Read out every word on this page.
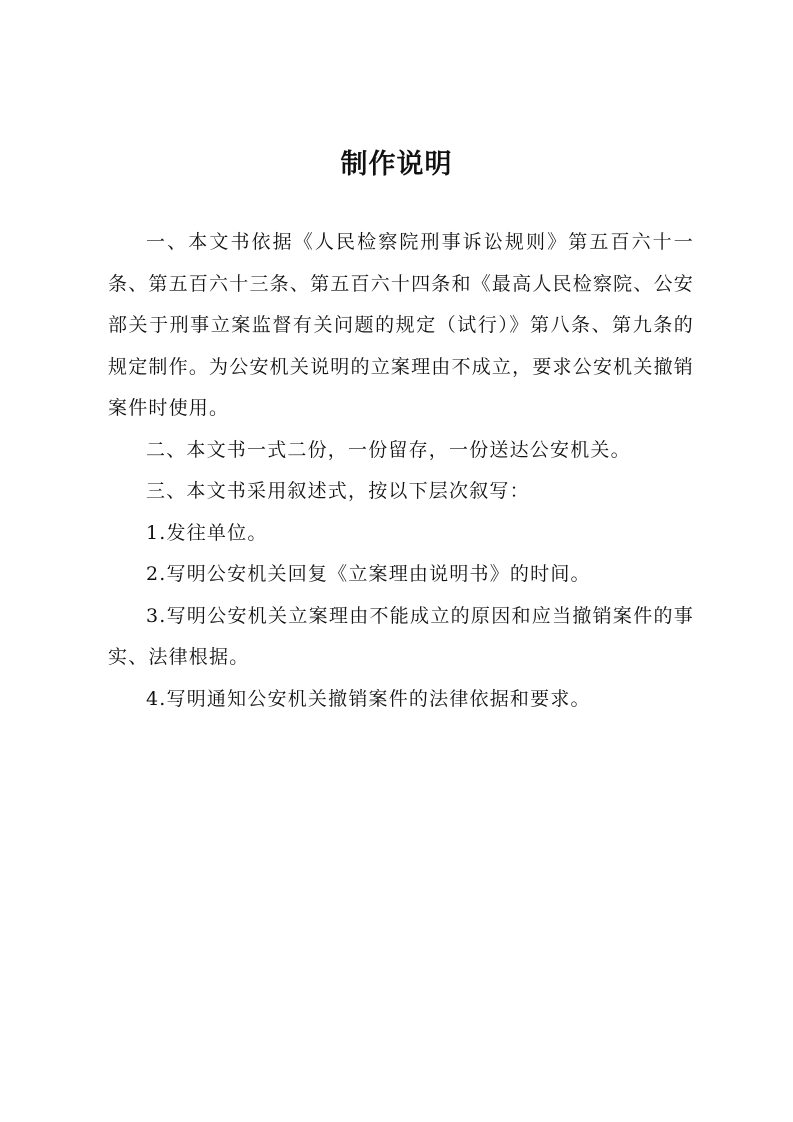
制作说明

一、本文书依据《人民检察院刑事诉讼规则》第五百六十一条、第五百六十三条、第五百六十四条和《最高人民检察院、公安部关于刑事立案监督有关问题的规定（试行）》第八条、第九条的规定制作。为公安机关说明的立案理由不成立，要求公安机关撤销案件时使用。

二、本文书一式二份，一份留存，一份送达公安机关。

三、本文书采用叙述式，按以下层次叙写：

1.发往单位。

2.写明公安机关回复《立案理由说明书》的时间。

3.写明公安机关立案理由不能成立的原因和应当撤销案件的事实、法律根据。

4.写明通知公安机关撤销案件的法律依据和要求。
